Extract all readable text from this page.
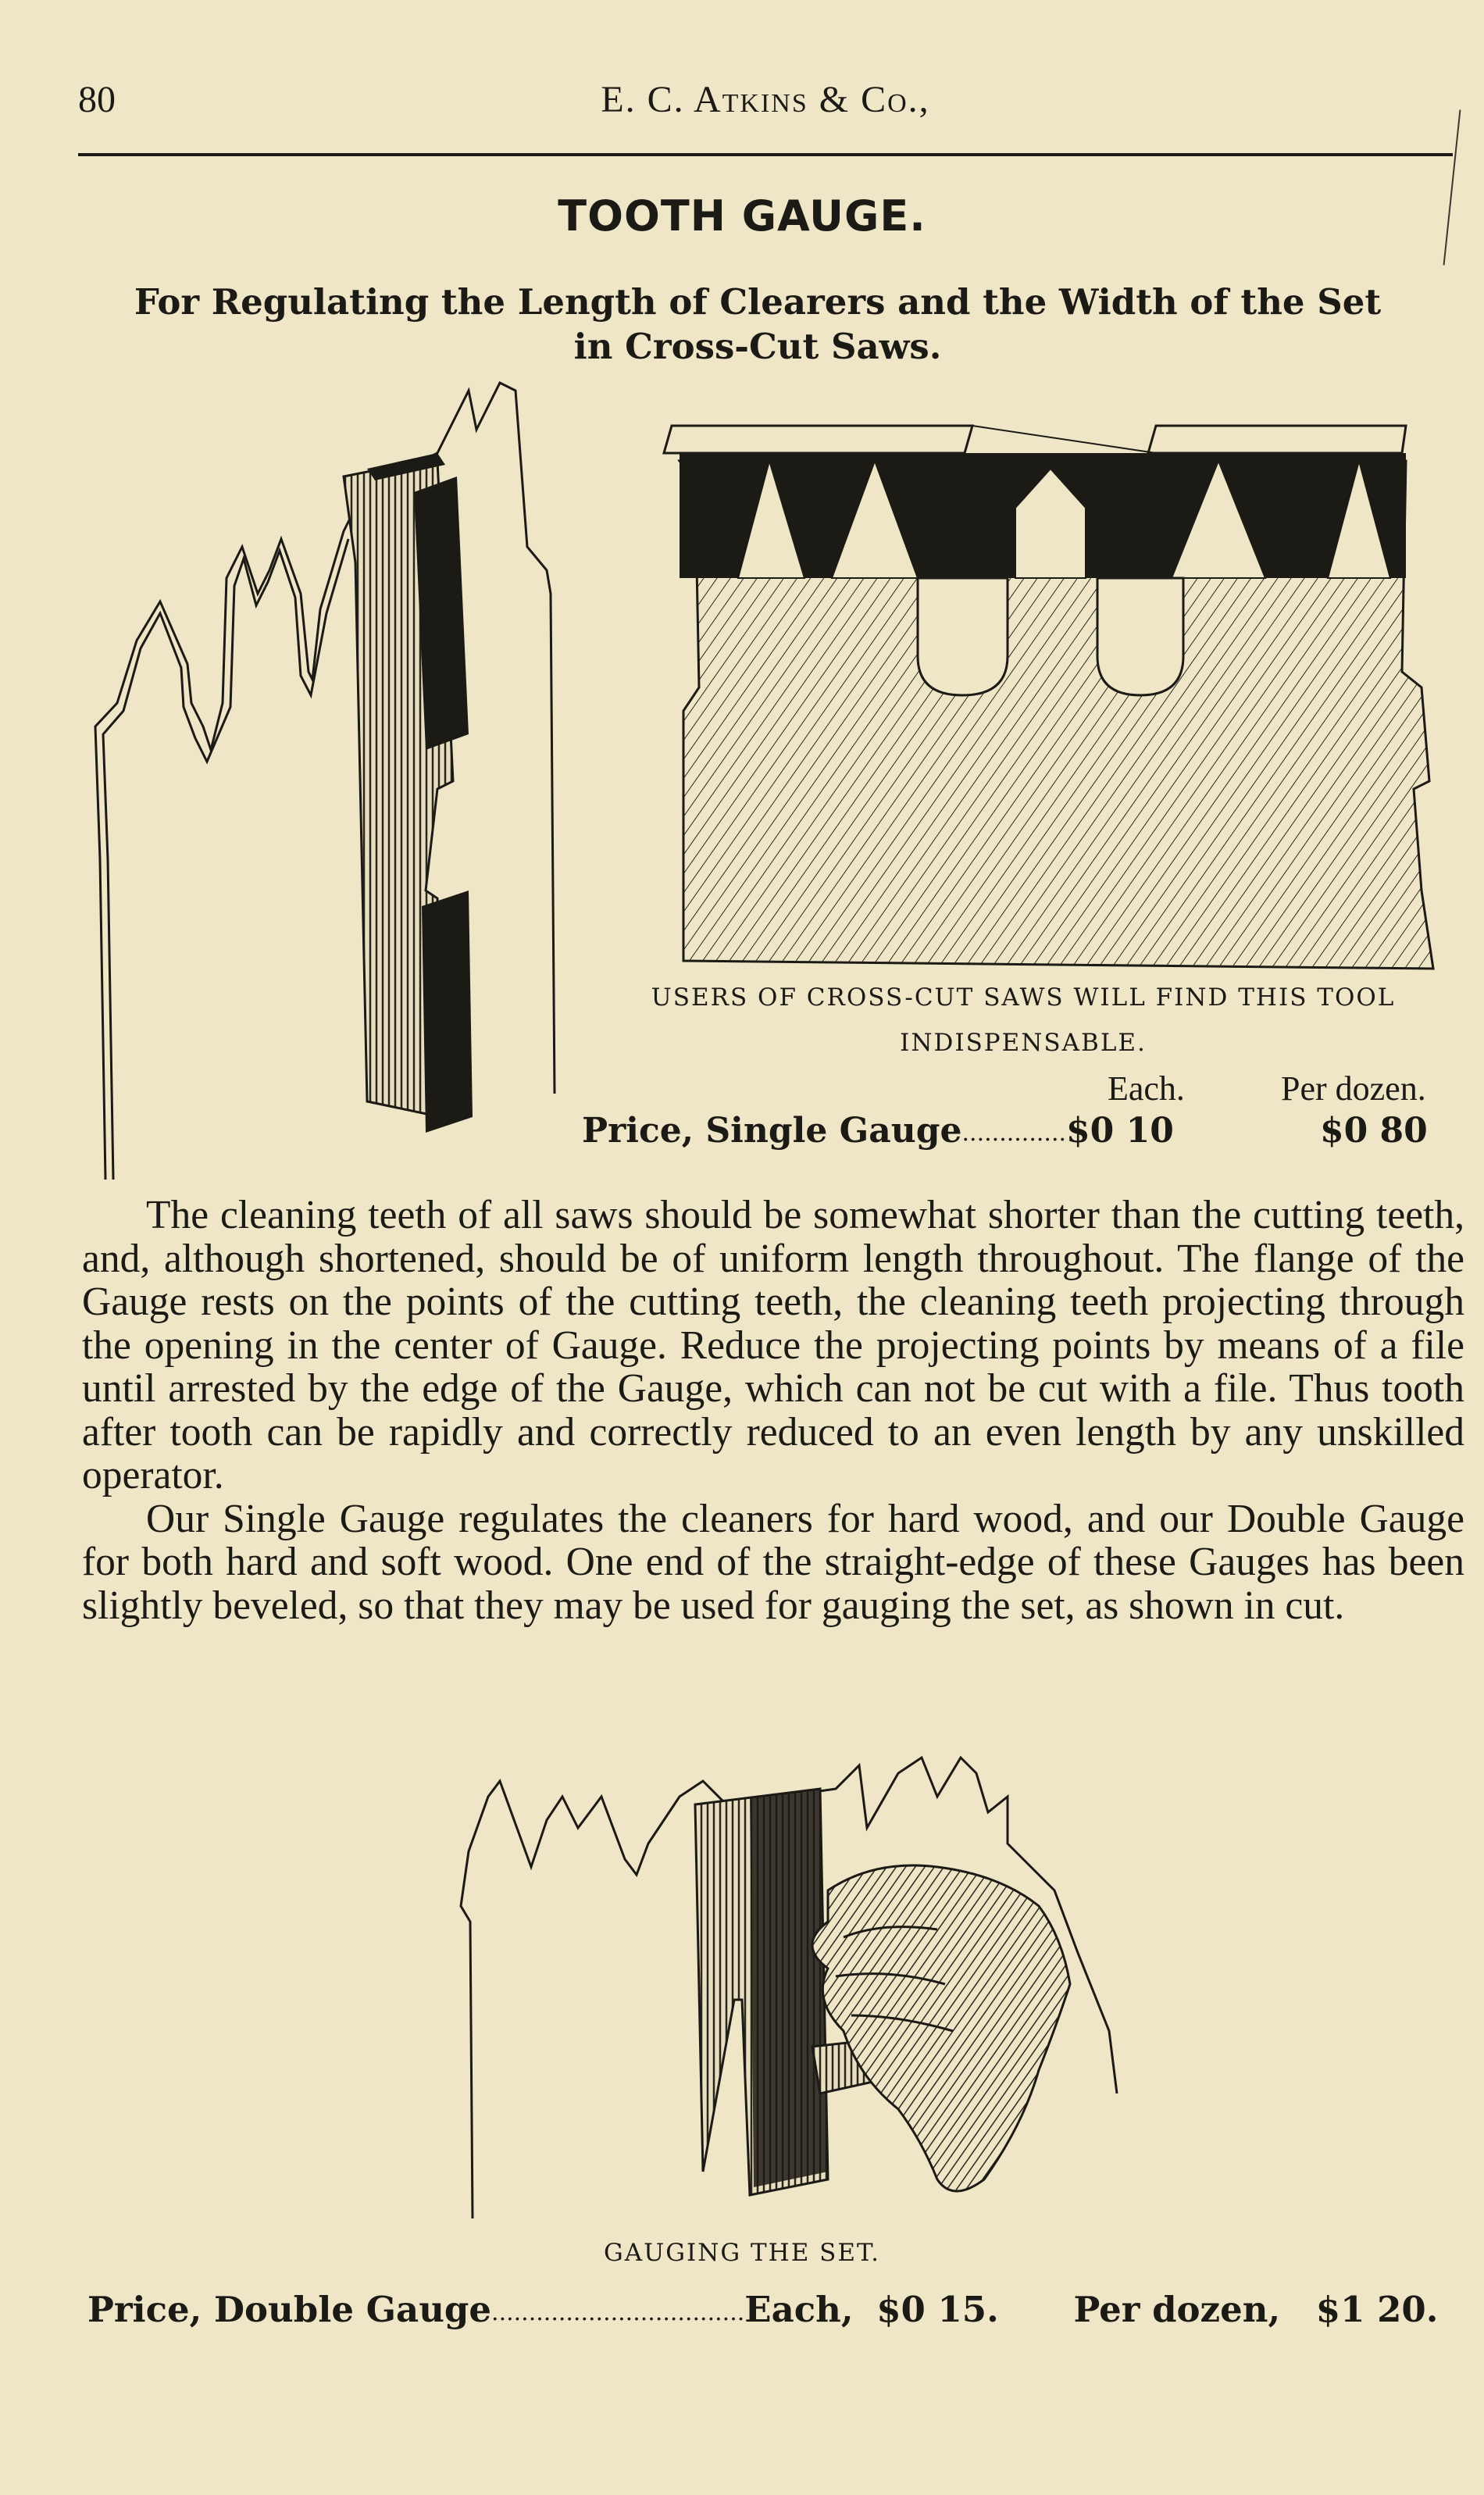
80	E. C. Atkins & Co.,
TOOTH GAUGE.
For Regulating the Length of Clearers and the Width of the Set
in Cross-Cut Saws.
USERS OF CROSS-CUT SAWS WILL FIND THIS TOOL
INDISPENSABLE.
Each.	Per dozen.
Price, Single Gauge..............$0 10	$0 80

The cleaning teeth of all saws should be somewhat shorter than the cutting teeth, and, although shortened, should be of uniform length throughout. The flange of the Gauge rests on the points of the cutting teeth, the cleaning teeth projecting through the opening in the center of Gauge. Reduce the projecting points by means of a file until arrested by the edge of the Gauge, which can not be cut with a file. Thus tooth after tooth can be rapidly and correctly reduced to an even length by any unskilled operator.

Our Single Gauge regulates the cleaners for hard wood, and our Double Gauge for both hard and soft wood. One end of the straight-edge of these Gauges has been slightly beveled, so that they may be used for gauging the set, as shown in cut.

GAUGING THE SET.
Price, Double Gauge..................................Each, $0 15. Per dozen, $1 20.
